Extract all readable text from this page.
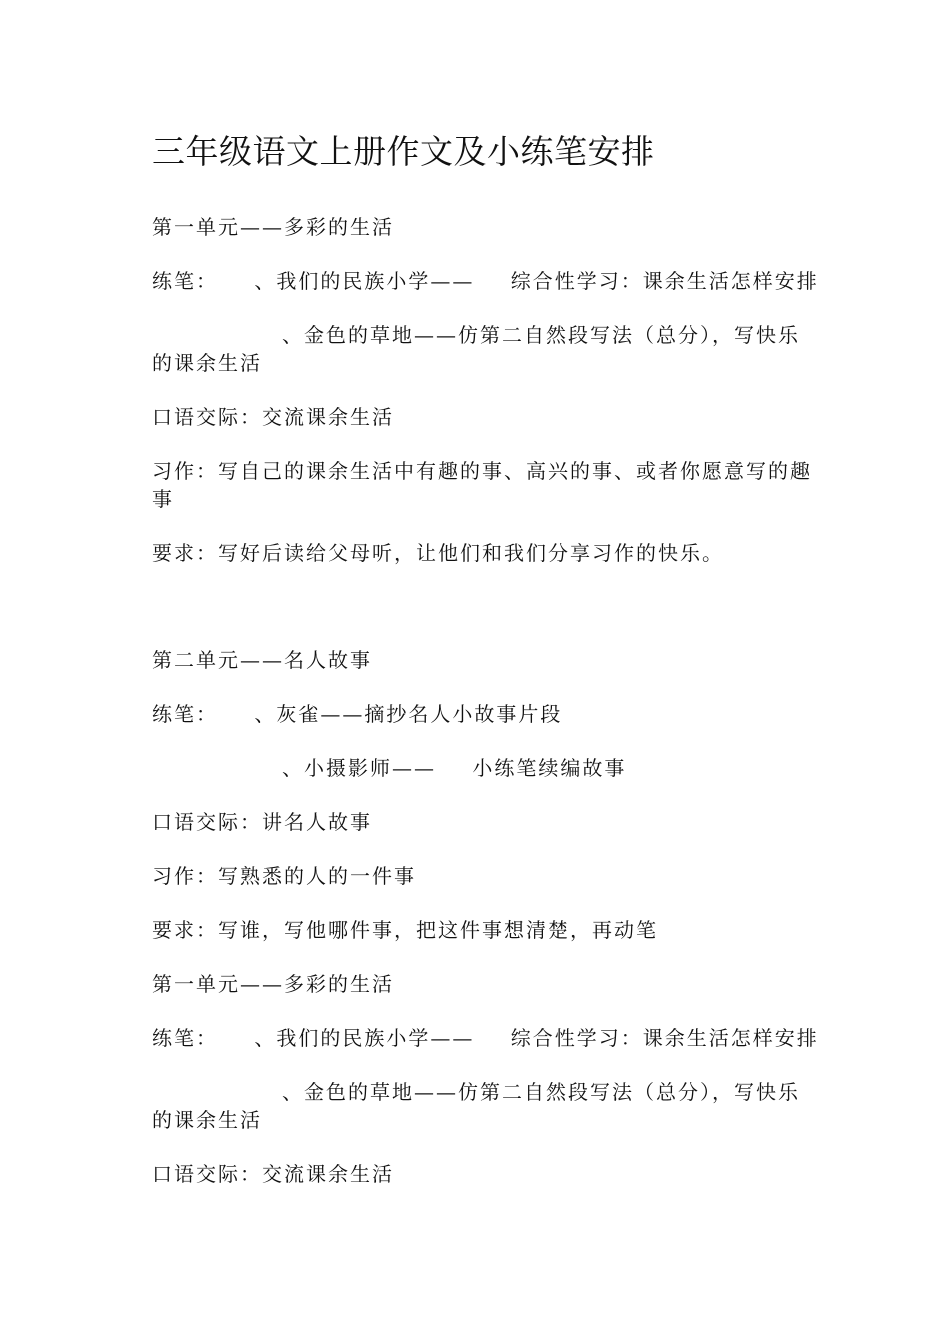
三年级语文上册作文及小练笔安排
第一单元——多彩的生活
练笔： 、我们的民族小学—— 综合性学习：课余生活怎样安排
、金色的草地——仿第二自然段写法（总分），写快乐
的课余生活
口语交际：交流课余生活
习作：写自己的课余生活中有趣的事、高兴的事、或者你愿意写的趣
事
要求：写好后读给父母听，让他们和我们分享习作的快乐。
第二单元——名人故事
练笔： 、灰雀——摘抄名人小故事片段
、小摄影师—— 小练笔续编故事
口语交际：讲名人故事
习作：写熟悉的人的一件事
要求：写谁，写他哪件事，把这件事想清楚，再动笔
第一单元——多彩的生活
练笔： 、我们的民族小学—— 综合性学习：课余生活怎样安排
、金色的草地——仿第二自然段写法（总分），写快乐
的课余生活
口语交际：交流课余生活
